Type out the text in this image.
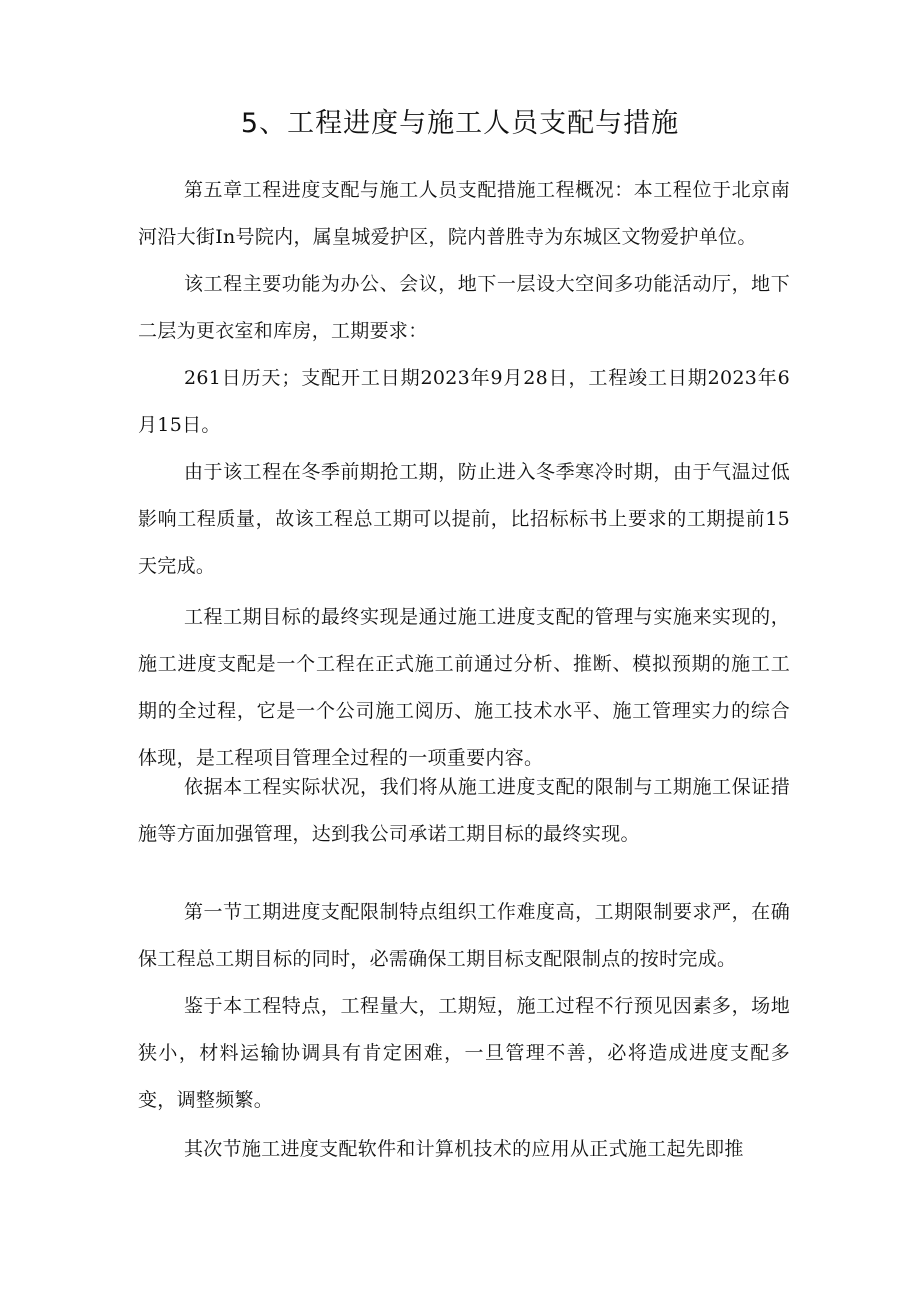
5、工程进度与施工人员支配与措施

第五章工程进度支配与施工人员支配措施工程概况：本工程位于北京南河沿大街In号院内，属皇城爱护区，院内普胜寺为东城区文物爱护单位。

该工程主要功能为办公、会议，地下一层设大空间多功能活动厅，地下二层为更衣室和库房，工期要求：

261日历天；支配开工日期2023年9月28日，工程竣工日期2023年6月15日。

由于该工程在冬季前期抢工期，防止进入冬季寒冷时期，由于气温过低影响工程质量，故该工程总工期可以提前，比招标标书上要求的工期提前15天完成。

工程工期目标的最终实现是通过施工进度支配的管理与实施来实现的，施工进度支配是一个工程在正式施工前通过分析、推断、模拟预期的施工工期的全过程，它是一个公司施工阅历、施工技术水平、施工管理实力的综合体现，是工程项目管理全过程的一项重要内容。

依据本工程实际状况，我们将从施工进度支配的限制与工期施工保证措施等方面加强管理，达到我公司承诺工期目标的最终实现。

第一节工期进度支配限制特点组织工作难度高，工期限制要求严，在确保工程总工期目标的同时，必需确保工期目标支配限制点的按时完成。

鉴于本工程特点，工程量大，工期短，施工过程不行预见因素多，场地狭小，材料运输协调具有肯定困难，一旦管理不善，必将造成进度支配多变，调整频繁。

其次节施工进度支配软件和计算机技术的应用从正式施工起先即推
